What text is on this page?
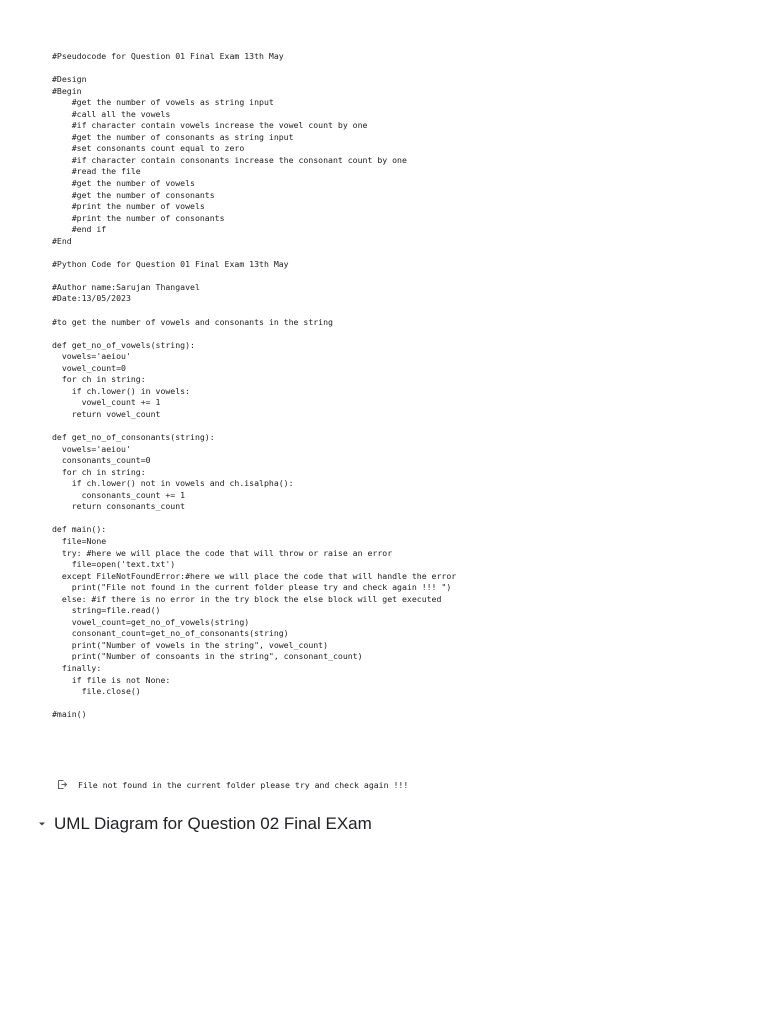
#Pseudocode for Question 01 Final Exam 13th May
#Design
#Begin
#get the number of vowels as string input
#call all the vowels
#if character contain vowels increase the vowel count by one
#get the number of consonants as string input
#set consonants count equal to zero
#if character contain consonants increase the consonant count by one
#read the file
#get the number of vowels
#get the number of consonants
#print the number of vowels
#print the number of consonants
#end if
#End
#Python Code for Question 01 Final Exam 13th May
#Author name:Sarujan Thangavel
#Date:13/05/2023
#to get the number of vowels and consonants in the string
def get_no_of_vowels(string):
vowels='aeiou'
vowel_count=0
for ch in string:
if ch.lower() in vowels:
vowel_count += 1
return vowel_count
def get_no_of_consonants(string):
vowels='aeiou'
consonants_count=0
for ch in string:
if ch.lower() not in vowels and ch.isalpha():
consonants_count += 1
return consonants_count
def main():
file=None
try: #here we will place the code that will throw or raise an error
file=open('text.txt')
except FileNotFoundError:#here we will place the code that will handle the error
print("File not found in the current folder please try and check again !!! ")
else: #if there is no error in the try block the else block will get executed
string=file.read()
vowel_count=get_no_of_vowels(string)
consonant_count=get_no_of_consonants(string)
print("Number of vowels in the string", vowel_count)
print("Number of consoants in the string", consonant_count)
finally:
if file is not None:
file.close()
#main()
File not found in the current folder please try and check again !!!
UML Diagram for Question 02 Final EXam
